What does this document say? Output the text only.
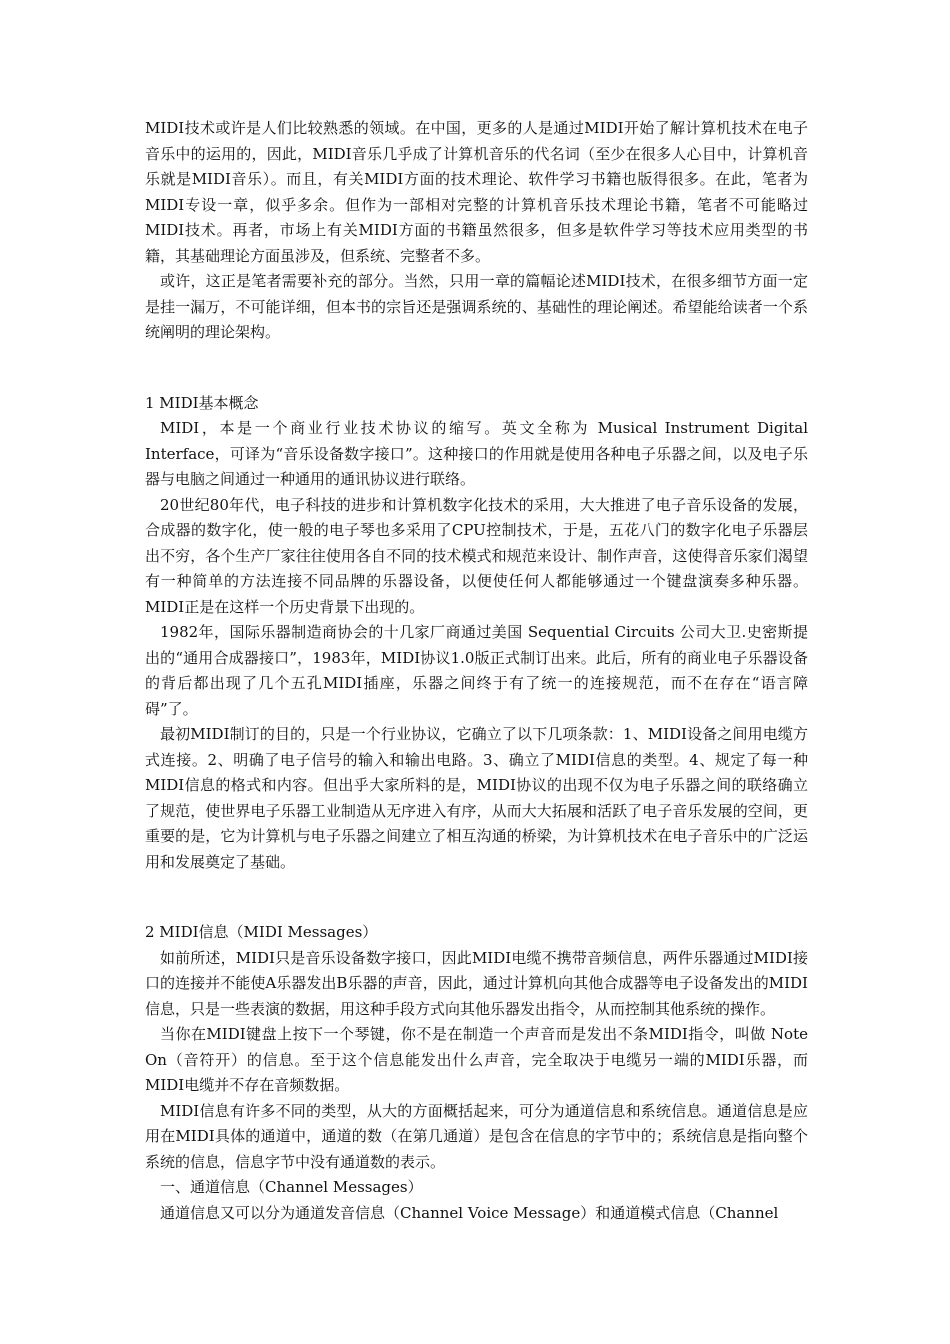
MIDI技术或许是人们比较熟悉的领域。在中国，更多的人是通过MIDI开始了解计算机技术在电子音乐中的运用的，因此，MIDI音乐几乎成了计算机音乐的代名词（至少在很多人心目中，计算机音乐就是MIDI音乐）。而且，有关MIDI方面的技术理论、软件学习书籍也版得很多。在此，笔者为MIDI专设一章，似乎多余。但作为一部相对完整的计算机音乐技术理论书籍，笔者不可能略过MIDI技术。再者，市场上有关MIDI方面的书籍虽然很多，但多是软件学习等技术应用类型的书籍，其基础理论方面虽涉及，但系统、完整者不多。

或许，这正是笔者需要补充的部分。当然，只用一章的篇幅论述MIDI技术，在很多细节方面一定是挂一漏万，不可能详细，但本书的宗旨还是强调系统的、基础性的理论阐述。希望能给读者一个系统阐明的理论架构。

1 MIDI基本概念

MIDI，本是一个商业行业技术协议的缩写。英文全称为 Musical Instrument Digital Interface，可译为“音乐设备数字接口”。这种接口的作用就是使用各种电子乐器之间，以及电子乐器与电脑之间通过一种通用的通讯协议进行联络。

20世纪80年代，电子科技的进步和计算机数字化技术的采用，大大推进了电子音乐设备的发展，合成器的数字化，使一般的电子琴也多采用了CPU控制技术，于是，五花八门的数字化电子乐器层出不穷，各个生产厂家往往使用各自不同的技术模式和规范来设计、制作声音，这使得音乐家们渴望有一种简单的方法连接不同品牌的乐器设备，以便使任何人都能够通过一个键盘演奏多种乐器。MIDI正是在这样一个历史背景下出现的。

1982年，国际乐器制造商协会的十几家厂商通过美国 Sequential Circuits 公司大卫.史密斯提出的“通用合成器接口”，1983年，MIDI协议1.0版正式制订出来。此后，所有的商业电子乐器设备的背后都出现了几个五孔MIDI插座，乐器之间终于有了统一的连接规范，而不在存在“语言障碍”了。

最初MIDI制订的目的，只是一个行业协议，它确立了以下几项条款：1、MIDI设备之间用电缆方式连接。2、明确了电子信号的输入和输出电路。3、确立了MIDI信息的类型。4、规定了每一种MIDI信息的格式和内容。但出乎大家所料的是，MIDI协议的出现不仅为电子乐器之间的联络确立了规范，使世界电子乐器工业制造从无序进入有序，从而大大拓展和活跃了电子音乐发展的空间，更重要的是，它为计算机与电子乐器之间建立了相互沟通的桥梁，为计算机技术在电子音乐中的广泛运用和发展奠定了基础。

2 MIDI信息（MIDI Messages）

如前所述，MIDI只是音乐设备数字接口，因此MIDI电缆不携带音频信息，两件乐器通过MIDI接口的连接并不能使A乐器发出B乐器的声音，因此，通过计算机向其他合成器等电子设备发出的MIDI信息，只是一些表演的数据，用这种手段方式向其他乐器发出指令，从而控制其他系统的操作。

当你在MIDI键盘上按下一个琴键，你不是在制造一个声音而是发出不条MIDI指令，叫做 Note On（音符开）的信息。至于这个信息能发出什么声音，完全取决于电缆另一端的MIDI乐器，而MIDI电缆并不存在音频数据。

MIDI信息有许多不同的类型，从大的方面概括起来，可分为通道信息和系统信息。通道信息是应用在MIDI具体的通道中，通道的数（在第几通道）是包含在信息的字节中的；系统信息是指向整个系统的信息，信息字节中没有通道数的表示。

一、通道信息（Channel Messages）

通道信息又可以分为通道发音信息（Channel Voice Message）和通道模式信息（Channel
